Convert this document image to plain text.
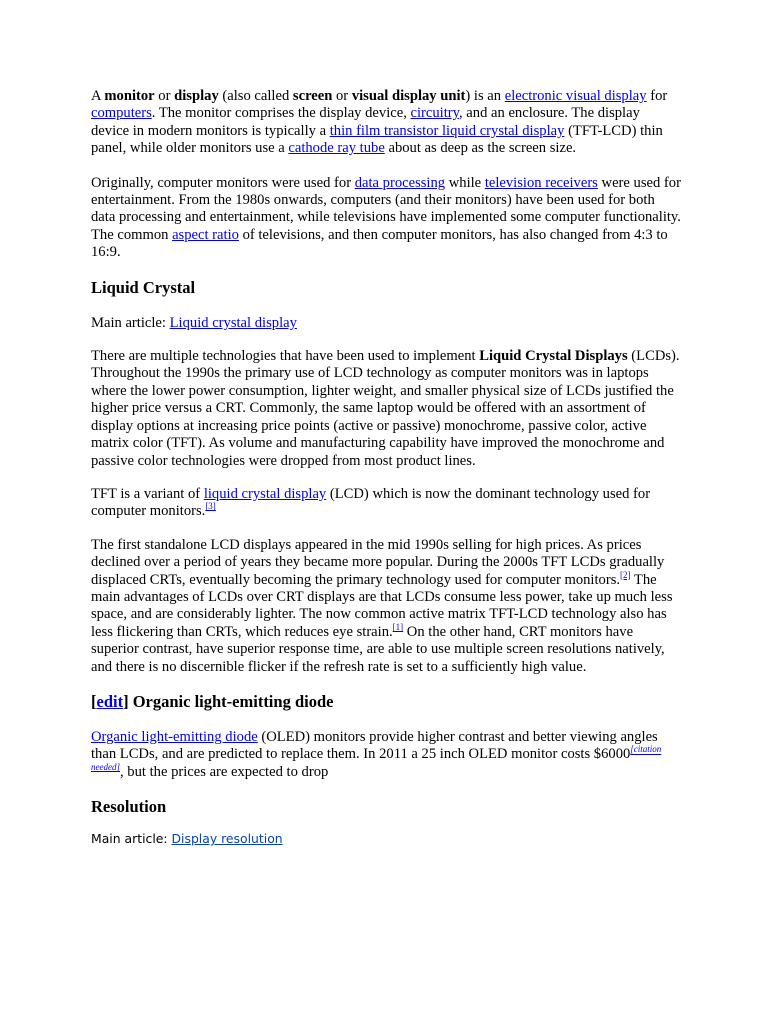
A monitor or display (also called screen or visual display unit) is an electronic visual display for computers. The monitor comprises the display device, circuitry, and an enclosure. The display device in modern monitors is typically a thin film transistor liquid crystal display (TFT-LCD) thin panel, while older monitors use a cathode ray tube about as deep as the screen size.

Originally, computer monitors were used for data processing while television receivers were used for entertainment. From the 1980s onwards, computers (and their monitors) have been used for both data processing and entertainment, while televisions have implemented some computer functionality. The common aspect ratio of televisions, and then computer monitors, has also changed from 4:3 to 16:9.

Liquid Crystal

Main article: Liquid crystal display

There are multiple technologies that have been used to implement Liquid Crystal Displays (LCDs). Throughout the 1990s the primary use of LCD technology as computer monitors was in laptops where the lower power consumption, lighter weight, and smaller physical size of LCDs justified the higher price versus a CRT. Commonly, the same laptop would be offered with an assortment of display options at increasing price points (active or passive) monochrome, passive color, active matrix color (TFT). As volume and manufacturing capability have improved the monochrome and passive color technologies were dropped from most product lines.

TFT is a variant of liquid crystal display (LCD) which is now the dominant technology used for computer monitors.[3]

The first standalone LCD displays appeared in the mid 1990s selling for high prices. As prices declined over a period of years they became more popular. During the 2000s TFT LCDs gradually displaced CRTs, eventually becoming the primary technology used for computer monitors.[2] The main advantages of LCDs over CRT displays are that LCDs consume less power, take up much less space, and are considerably lighter. The now common active matrix TFT-LCD technology also has less flickering than CRTs, which reduces eye strain.[1] On the other hand, CRT monitors have superior contrast, have superior response time, are able to use multiple screen resolutions natively, and there is no discernible flicker if the refresh rate is set to a sufficiently high value.

[edit] Organic light-emitting diode

Organic light-emitting diode (OLED) monitors provide higher contrast and better viewing angles than LCDs, and are predicted to replace them. In 2011 a 25 inch OLED monitor costs $6000[citation needed], but the prices are expected to drop

Resolution

Main article: Display resolution
